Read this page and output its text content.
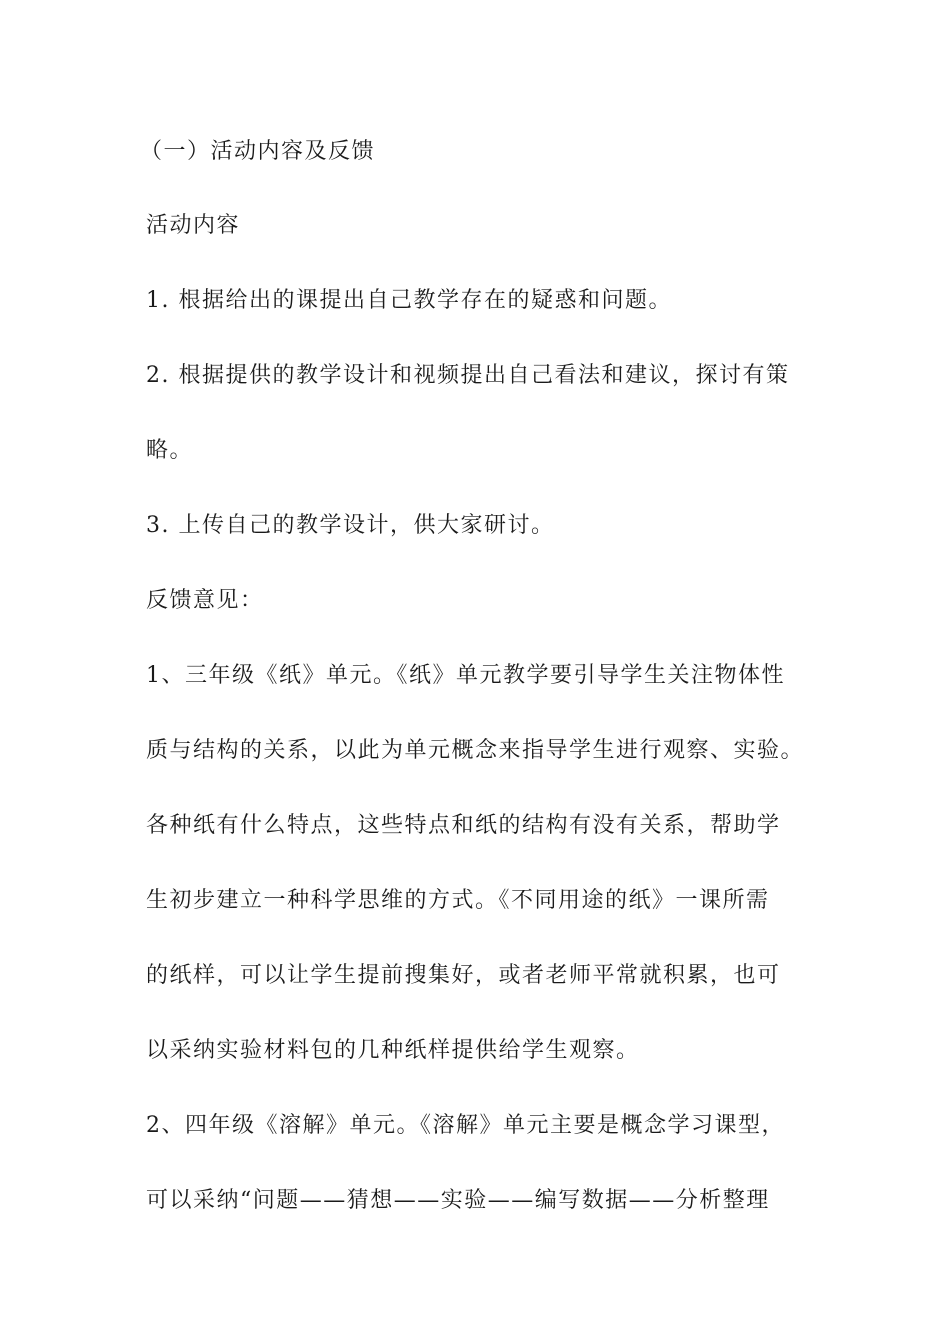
（一）活动内容及反馈

活动内容

1. 根据给出的课提出自己教学存在的疑惑和问题。

2. 根据提供的教学设计和视频提出自己看法和建议，探讨有策

略。

3. 上传自己的教学设计，供大家研讨。

反馈意见：

1、三年级《纸》单元。《纸》单元教学要引导学生关注物体性

质与结构的关系，以此为单元概念来指导学生进行观察、实验。

各种纸有什么特点，这些特点和纸的结构有没有关系，帮助学

生初步建立一种科学思维的方式。《不同用途的纸》一课所需

的纸样，可以让学生提前搜集好，或者老师平常就积累，也可

以采纳实验材料包的几种纸样提供给学生观察。

2、四年级《溶解》单元。《溶解》单元主要是概念学习课型，

可以采纳“问题——猜想——实验——编写数据——分析整理
